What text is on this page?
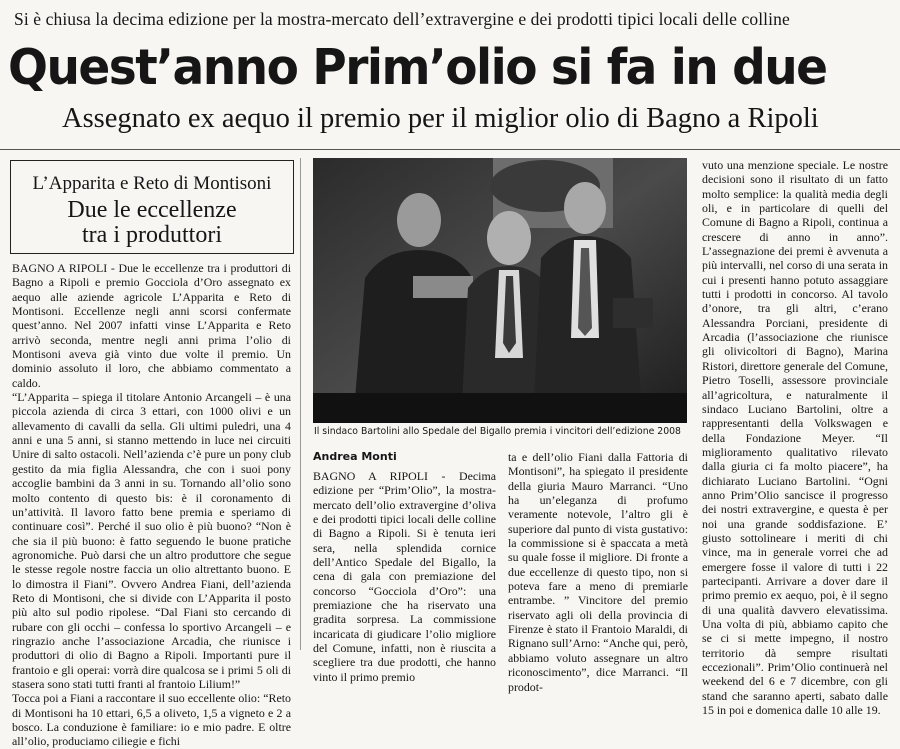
Si è chiusa la decima edizione per la mostra-mercato dell’extravergine e dei prodotti tipici locali delle colline
Quest’anno Prim’olio si fa in due
Assegnato ex aequo il premio per il miglior olio di Bagno a Ripoli
L’Apparita e Reto di Montisoni
Due le eccellenze
tra i produttori

BAGNO A RIPOLI - Due le eccellenze tra i produttori di Bagno a Ripoli e premio Gocciola d’Oro assegnato ex aequo alle aziende agricole L’Apparita e Reto di Montisoni. Eccellenze negli anni scorsi confermate quest’anno. Nel 2007 infatti vinse L’Apparita e Reto arrivò seconda, mentre negli anni prima l’olio di Montisoni aveva già vinto due volte il premio. Un dominio assoluto il loro, che abbiamo commentato a caldo.

“L’Apparita – spiega il titolare Antonio Arcangeli – è una piccola azienda di circa 3 ettari, con 1000 olivi e un allevamento di cavalli da sella. Gli ultimi puledri, una 4 anni e una 5 anni, si stanno mettendo in luce nei circuiti Unire di salto ostacoli. Nell’azienda c’è pure un pony club gestito da mia figlia Alessandra, che con i suoi pony accoglie bambini da 3 anni in su. Tornando all’olio sono molto contento di questo bis: è il coronamento di un’attività. Il lavoro fatto bene premia e speriamo di continuare così”. Perché il suo olio è più buono? “Non è che sia il più buono: è fatto seguendo le buone pratiche agronomiche. Può darsi che un altro produttore che segue le stesse regole nostre faccia un olio altrettanto buono. E lo dimostra il Fiani”. Ovvero Andrea Fiani, dell’azienda Reto di Montisoni, che si divide con L’Apparita il posto più alto sul podio ripolese. “Dal Fiani sto cercando di rubare con gli occhi – confessa lo sportivo Arcangeli – e ringrazio anche l’associazione Arcadia, che riunisce i produttori di olio di Bagno a Ripoli. Importanti pure il frantoio e gli operai: vorrà dire qualcosa se i primi 5 oli di stasera sono stati tutti franti al frantoio Lilium!”

Tocca poi a Fiani a raccontare il suo eccellente olio: “Reto di Montisoni ha 10 ettari, 6,5 a oliveto, 1,5 a vigneto e 2 a bosco. La conduzione è familiare: io e mio padre. E oltre all’olio, produciamo ciliegie e fichi

Il sindaco Bartolini allo Spedale del Bigallo premia i vincitori dell’edizione 2008
Andrea Monti

BAGNO A RIPOLI - Decima edizione per “Prim’Olio”, la mostra-mercato dell’olio extravergine d’oliva e dei prodotti tipici locali delle colline di Bagno a Ripoli. Si è tenuta ieri sera, nella splendida cornice dell’Antico Spedale del Bigallo, la cena di gala con premiazione del concorso “Gocciola d’Oro”: una premiazione che ha riservato una gradita sorpresa. La commissione incaricata di giudicare l’olio migliore del Comune, infatti, non è riuscita a scegliere tra due prodotti, che hanno vinto il primo premio

ta e dell’olio Fiani dalla Fattoria di Montisoni”, ha spiegato il presidente della giuria Mauro Marranci. “Uno ha un’eleganza di profumo veramente notevole, l’altro gli è superiore dal punto di vista gustativo: la commissione si è spaccata a metà su quale fosse il migliore. Di fronte a due eccellenze di questo tipo, non si poteva fare a meno di premiarle entrambe. ” Vincitore del premio riservato agli oli della provincia di Firenze è stato il Frantoio Maraldi, di Rignano sull’Arno: “Anche qui, però, abbiamo voluto assegnare un altro riconoscimento”, dice Marranci. “Il prodot-

vuto una menzione speciale. Le nostre decisioni sono il risultato di un fatto molto semplice: la qualità media degli oli, e in particolare di quelli del Comune di Bagno a Ripoli, continua a crescere di anno in anno”. L’assegnazione dei premi è avvenuta a più intervalli, nel corso di una serata in cui i presenti hanno potuto assaggiare tutti i prodotti in concorso. Al tavolo d’onore, tra gli altri, c’erano Alessandra Porciani, presidente di Arcadia (l’associazione che riunisce gli olivicoltori di Bagno), Marina Ristori, direttore generale del Comune, Pietro Toselli, assessore provinciale all’agricoltura, e naturalmente il sindaco Luciano Bartolini, oltre a rappresentanti della Volkswagen e della Fondazione Meyer. “Il miglioramento qualitativo rilevato dalla giuria ci fa molto piacere”, ha dichiarato Luciano Bartolini. “Ogni anno Prim’Olio sancisce il progresso dei nostri extravergine, e questa è per noi una grande soddisfazione. E’ giusto sottolineare i meriti di chi vince, ma in generale vorrei che ad emergere fosse il valore di tutti i 22 partecipanti. Arrivare a dover dare il primo premio ex aequo, poi, è il segno di una qualità davvero elevatissima. Una volta di più, abbiamo capito che se ci si mette impegno, il nostro territorio dà sempre risultati eccezionali”. Prim’Olio continuerà nel weekend del 6 e 7 dicembre, con gli stand che saranno aperti, sabato dalle 15 in poi e domenica dalle 10 alle 19.
